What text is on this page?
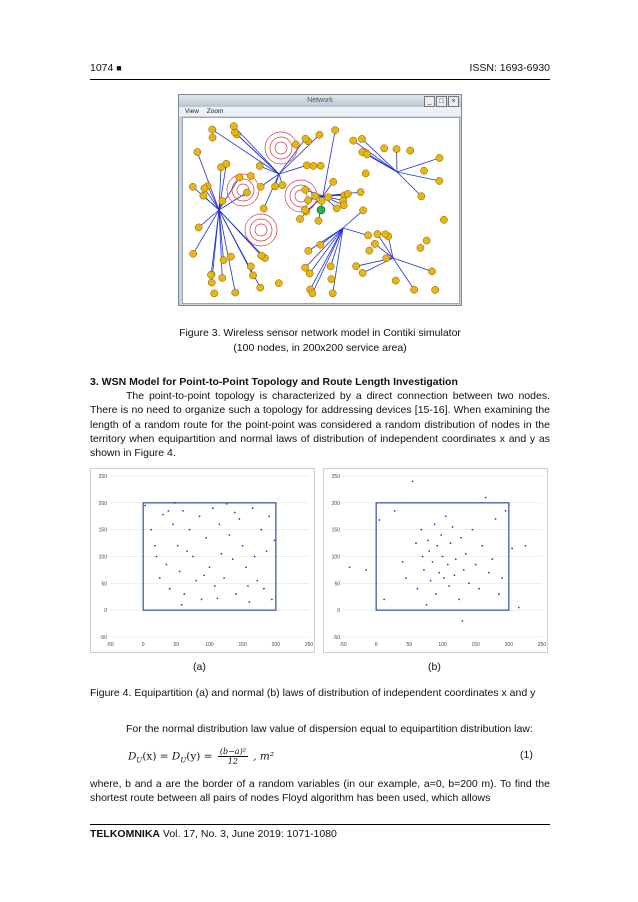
1074 ■	ISSN: 1693-6930
Network	_	□	×
View Zoom
Figure 3. Wireless sensor network model in Contiki simulator
(100 nodes, in 200x200 service area)
3. WSN Model for Point-to-Point Topology and Route Length Investigation

The point-to-point topology is characterized by a direct connection between two nodes. There is no need to organize such a topology for addressing devices [15-16]. When examining the length of a random route for the point-point was considered a random distribution of nodes in the territory when equipartition and normal laws of distribution of independent coordinates x and y as shown in Figure 4.

-50
0
50
100
150
200
250
-50	0	50	100	150	200	250
-50
0
50
100
150
200
250
-50	0	50	100	150	200	250
(a)	(b)
Figure 4. Equipartition (a) and normal (b) laws of distribution of independent coordinates x and y
For the normal distribution law value of dispersion equal to equipartition distribution law:
$D_U(x) = D_U(y) = \frac{\text{(b−a)²}}{12}$ , m²	(1)
where, b and a are the border of a random variables (in our example, a=0, b=200 m). To find the shortest route between all pairs of nodes Floyd algorithm has been used, which allows
TELKOMNIKA Vol. 17, No. 3, June 2019: 1071-1080
